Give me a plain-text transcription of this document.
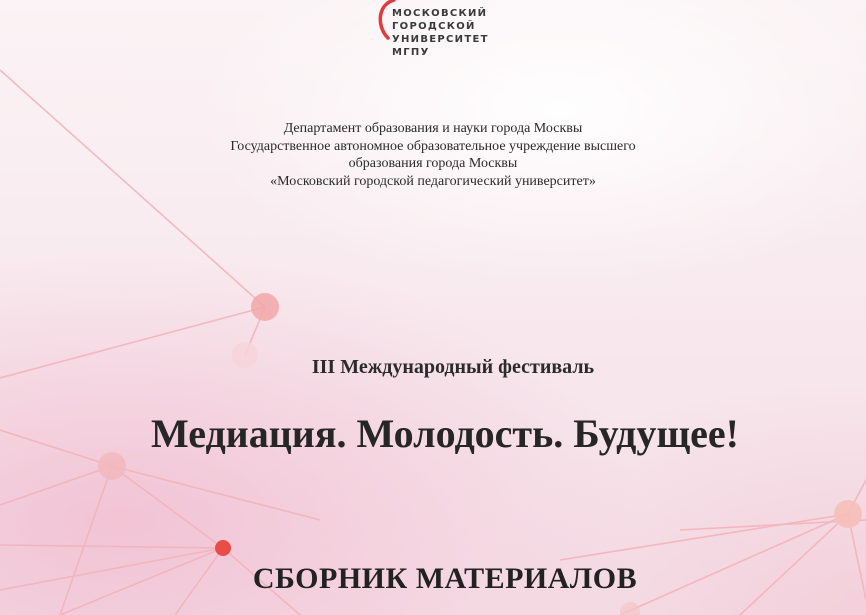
МОСКОВСКИЙ
ГОРОДСКОЙ
УНИВЕРСИТЕТ
МГПУ
Департамент образования и науки города Москвы
Государственное автономное образовательное учреждение высшего
образования города Москвы
«Московский городской педагогический университет»
III Международный фестиваль
Медиация. Молодость. Будущее!
СБОРНИК МАТЕРИАЛОВ
